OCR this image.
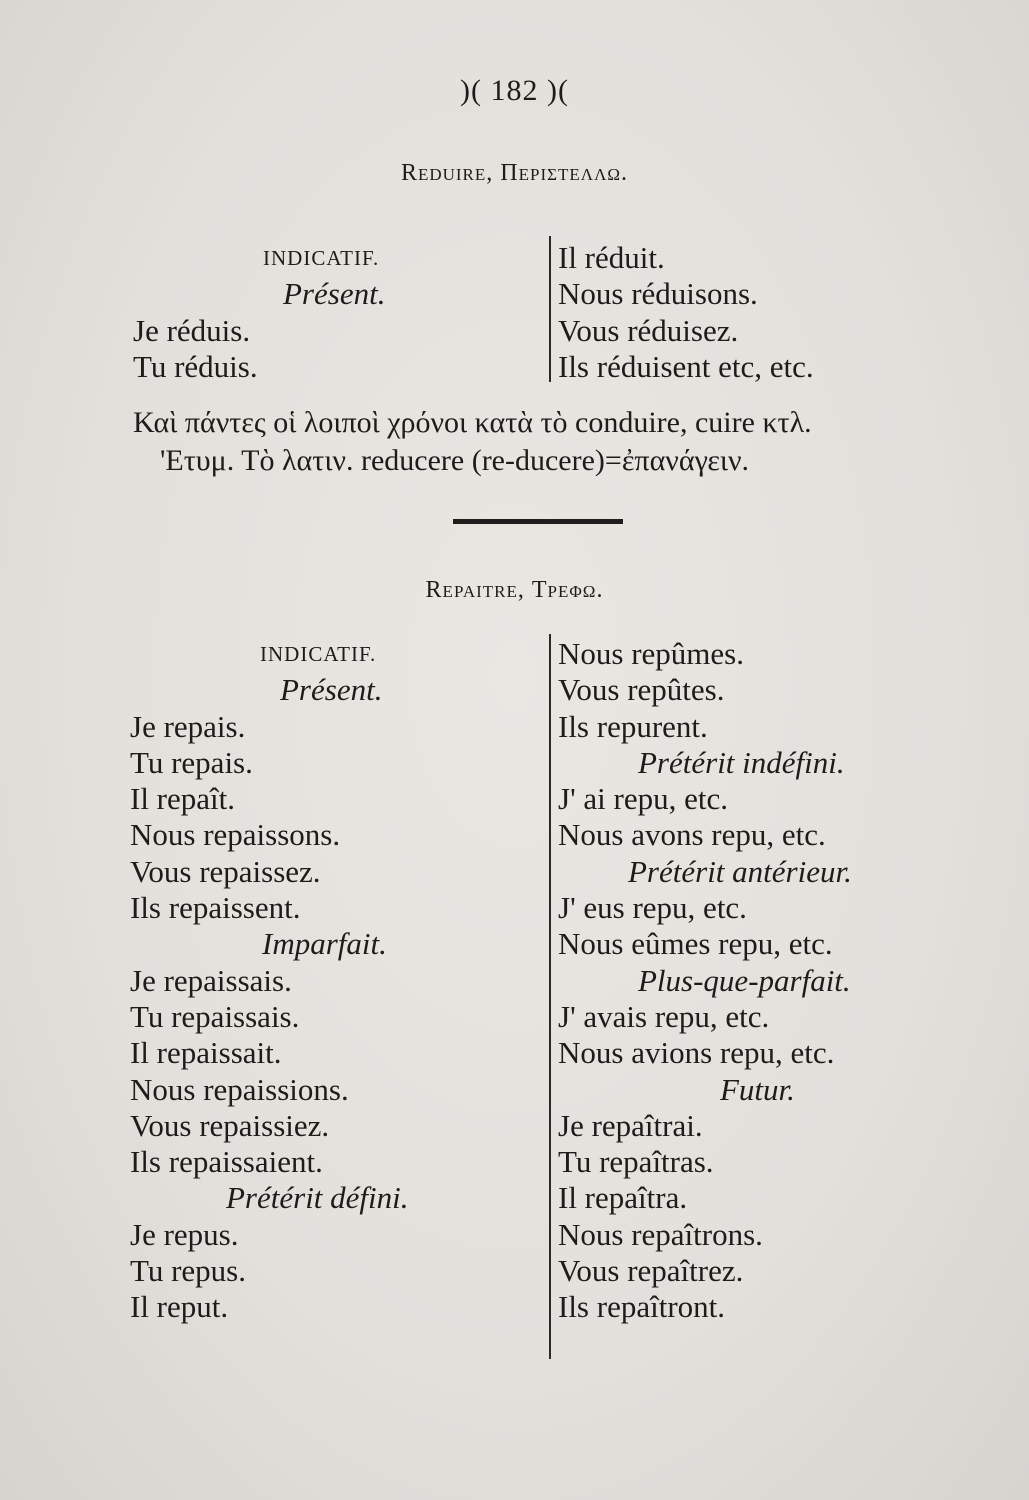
)( 182 )(
Reduire, Περιστελλω.
INDICATIF.
Présent.
Je réduis.
Tu réduis.
Il réduit.
Nous réduisons.
Vous réduisez.
Ils réduisent etc, etc.
Καὶ πάντες οἱ λοιποὶ χρόνοι κατὰ τὸ conduire, cuire κτλ.
'Ετυμ. Τὸ λατιν. reducere (re-ducere)=ἐπανάγειν.
Repaitre, Τρεφω.
INDICATIF.
Présent.
Je repais.
Tu repais.
Il repaît.
Nous repaissons.
Vous repaissez.
Ils repaissent.
Imparfait.
Je repaissais.
Tu repaissais.
Il repaissait.
Nous repaissions.
Vous repaissiez.
Ils repaissaient.
Prétérit défini.
Je repus.
Tu repus.
Il reput.
Nous repûmes.
Vous repûtes.
Ils repurent.
Prétérit indéfini.
J' ai repu, etc.
Nous avons repu, etc.
Prétérit antérieur.
J' eus repu, etc.
Nous eûmes repu, etc.
Plus-que-parfait.
J' avais repu, etc.
Nous avions repu, etc.
Futur.
Je repaîtrai.
Tu repaîtras.
Il repaîtra.
Nous repaîtrons.
Vous repaîtrez.
Ils repaîtront.
